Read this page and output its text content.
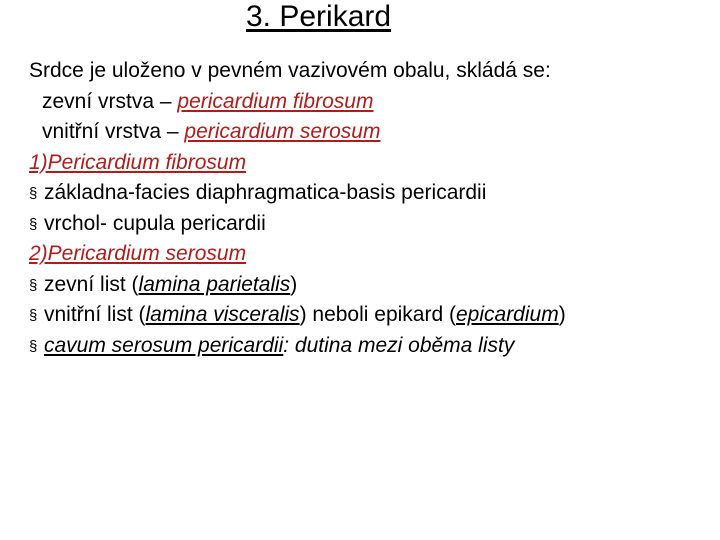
3. Perikard
Srdce je uloženo v pevném vazivovém obalu, skládá se:
zevní vrstva – pericardium fibrosum
vnitřní vrstva – pericardium serosum
1)Pericardium fibrosum
§ základna-facies diaphragmatica-basis pericardii
§ vrchol- cupula pericardii
2)Pericardium serosum
§ zevní list (lamina parietalis)
§ vnitřní list (lamina visceralis) neboli epikard (epicardium)
§ cavum serosum pericardii: dutina mezi oběma listy
